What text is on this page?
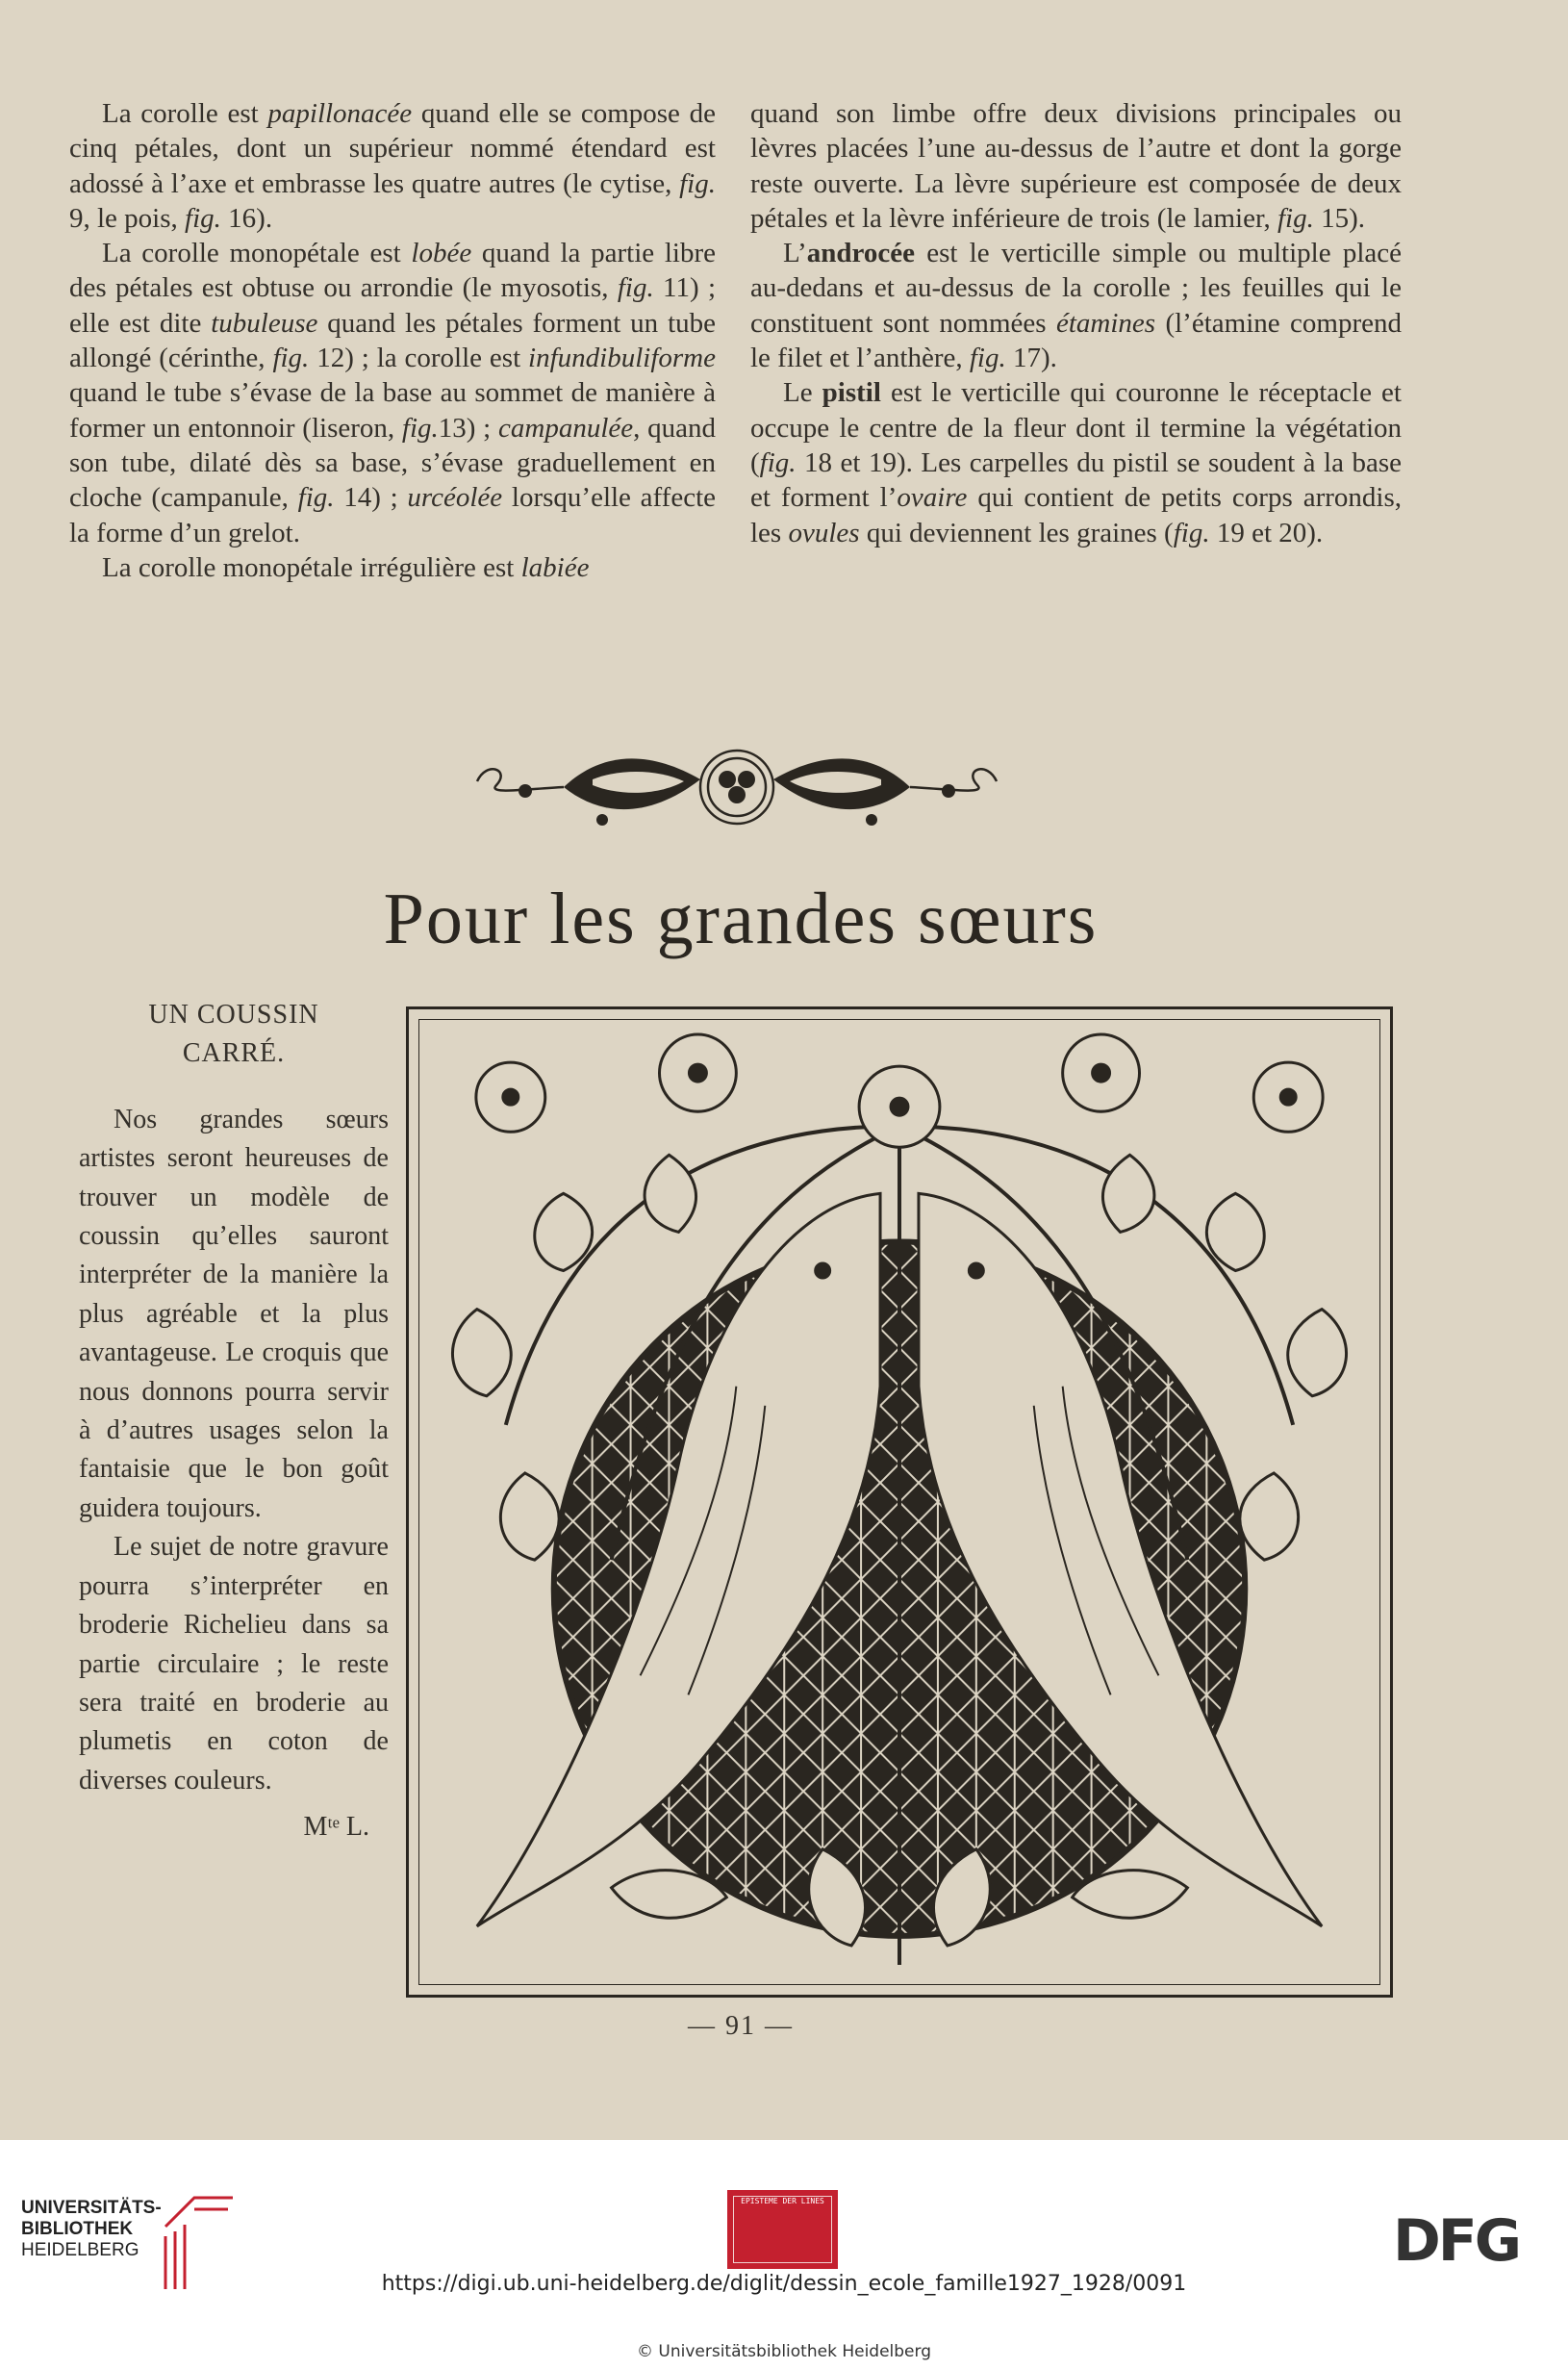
La corolle est papillonacée quand elle se compose de cinq pétales, dont un supérieur nommé étendard est adossé à l’axe et embrasse les quatre autres (le cytise, fig. 9, le pois, fig. 16).

La corolle monopétale est lobée quand la partie libre des pétales est obtuse ou arrondie (le myosotis, fig. 11) ; elle est dite tubuleuse quand les pétales forment un tube allongé (cérinthe, fig. 12) ; la corolle est infundibuliforme quand le tube s’évase de la base au sommet de manière à former un entonnoir (liseron, fig.13) ; campanulée, quand son tube, dilaté dès sa base, s’évase graduellement en cloche (campanule, fig. 14) ; urcéolée lorsqu’elle affecte la forme d’un grelot.

La corolle monopétale irrégulière est labiée

quand son limbe offre deux divisions principales ou lèvres placées l’une au-dessus de l’autre et dont la gorge reste ouverte. La lèvre supérieure est composée de deux pétales et la lèvre inférieure de trois (le lamier, fig. 15).

L’androcée est le verticille simple ou multiple placé au-dedans et au-dessus de la corolle ; les feuilles qui le constituent sont nommées étamines (l’étamine comprend le filet et l’anthère, fig. 17).

Le pistil est le verticille qui couronne le réceptacle et occupe le centre de la fleur dont il termine la végétation (fig. 18 et 19). Les carpelles du pistil se soudent à la base et forment l’ovaire qui contient de petits corps arrondis, les ovules qui deviennent les graines (fig. 19 et 20).

Pour les grandes sœurs
UN COUSSIN
CARRÉ.

Nos grandes sœurs artistes seront heureuses de trouver un modèle de coussin qu’elles sauront interpréter de la manière la plus agréable et la plus avantageuse. Le croquis que nous donnons pourra servir à d’autres usages selon la fantaisie que le bon goût guidera toujours.

Le sujet de notre gravure pourra s’interpréter en broderie Richelieu dans sa partie circulaire ; le reste sera traité en broderie au plumetis en coton de diverses couleurs.

Mᵗᵉ L.
— 91 —
UNIVERSITÄTS-
BIBLIOTHEK
HEIDELBERG
EPISTEME DER LINES
DFG
https://digi.ub.uni-heidelberg.de/diglit/dessin_ecole_famille1927_1928/0091
© Universitätsbibliothek Heidelberg
